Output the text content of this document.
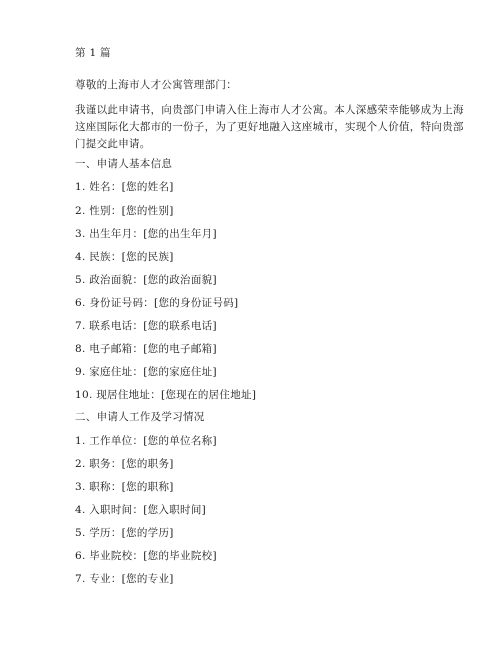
第 1 篇
尊敬的上海市人才公寓管理部门：
我谨以此申请书，向贵部门申请入住上海市人才公寓。本人深感荣幸能够成为上海
这座国际化大都市的一份子，为了更好地融入这座城市，实现个人价值，特向贵部
门提交此申请。
一、申请人基本信息
1. 姓名：[您的姓名]
2. 性别：[您的性别]
3. 出生年月：[您的出生年月]
4. 民族：[您的民族]
5. 政治面貌：[您的政治面貌]
6. 身份证号码：[您的身份证号码]
7. 联系电话：[您的联系电话]
8. 电子邮箱：[您的电子邮箱]
9. 家庭住址：[您的家庭住址]
10. 现居住地址：[您现在的居住地址]
二、申请人工作及学习情况
1. 工作单位：[您的单位名称]
2. 职务：[您的职务]
3. 职称：[您的职称]
4. 入职时间：[您入职时间]
5. 学历：[您的学历]
6. 毕业院校：[您的毕业院校]
7. 专业：[您的专业]
